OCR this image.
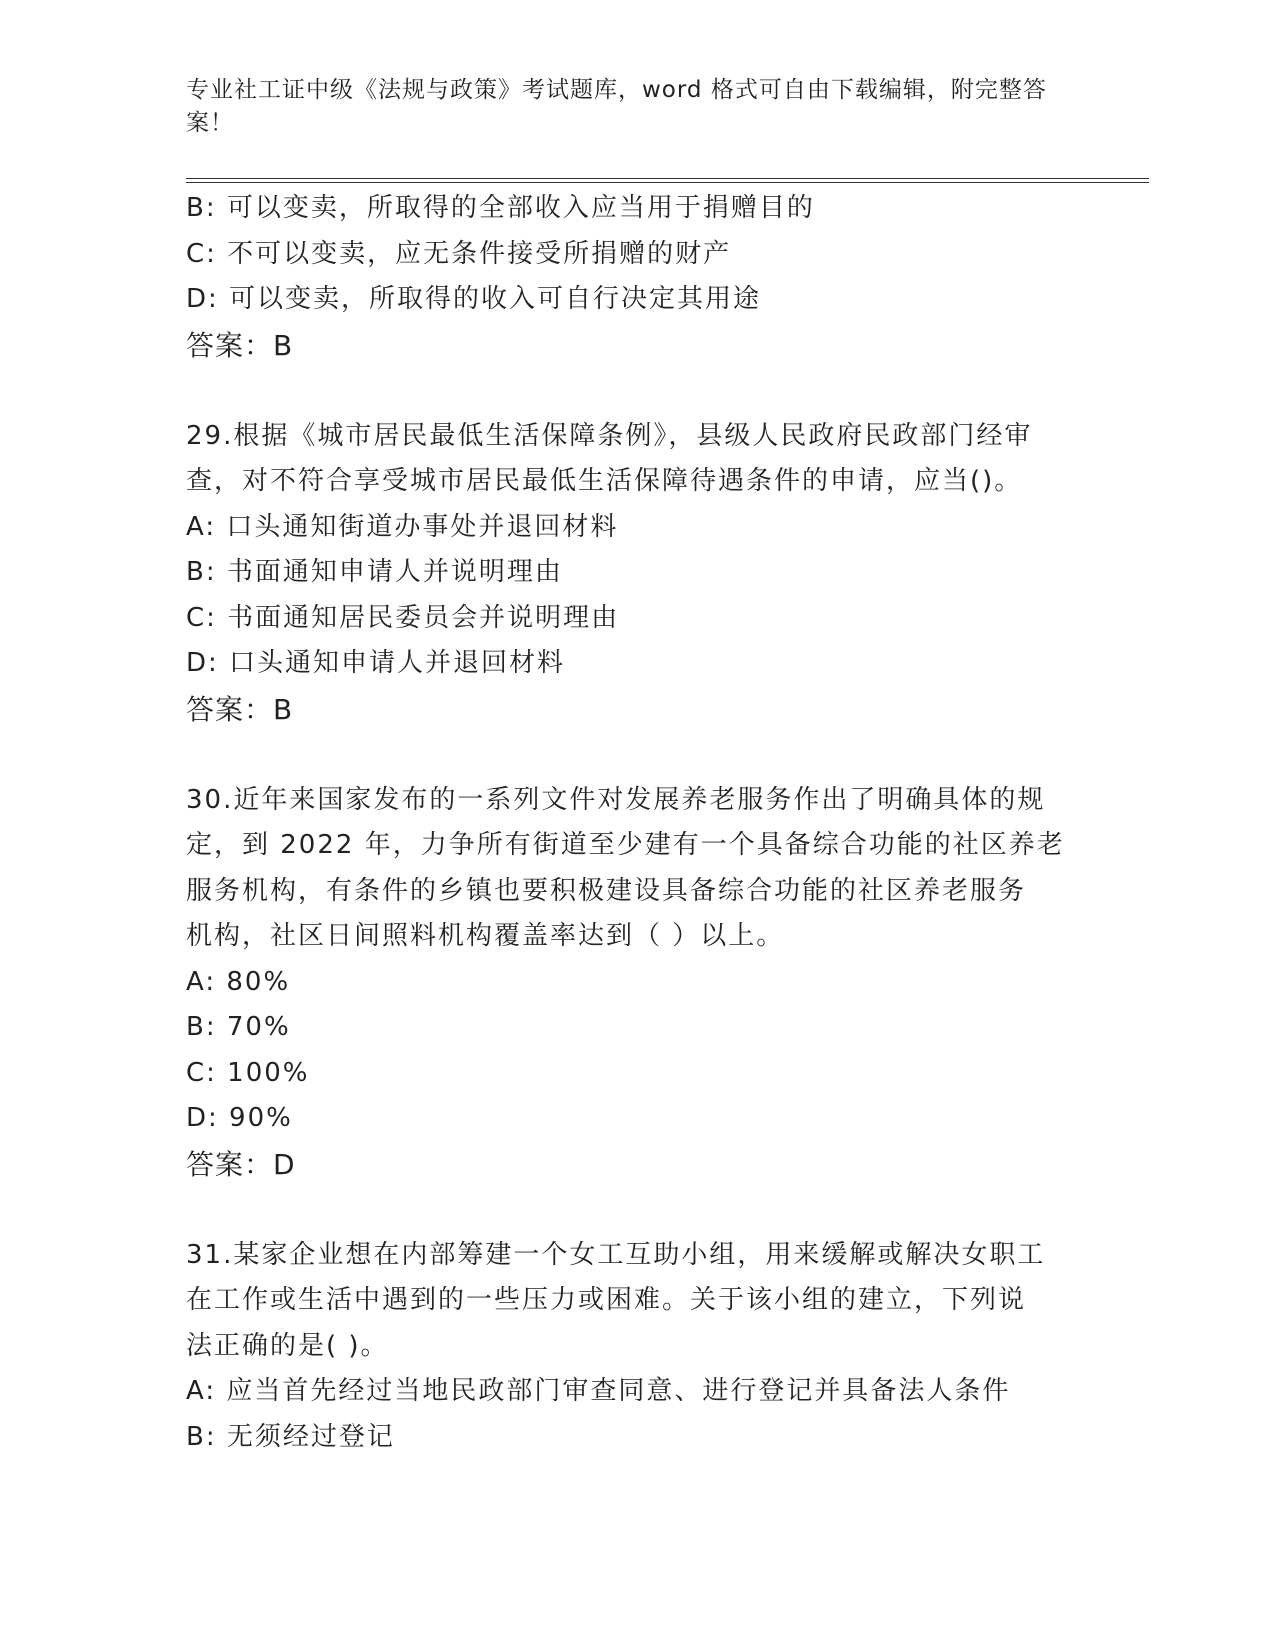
专业社工证中级《法规与政策》考试题库，word 格式可自由下载编辑，附完整答
案！
B: 可以变卖，所取得的全部收入应当用于捐赠目的
C: 不可以变卖，应无条件接受所捐赠的财产
D: 可以变卖，所取得的收入可自行决定其用途
答案：B
29.根据《城市居民最低生活保障条例》，县级人民政府民政部门经审
查，对不符合享受城市居民最低生活保障待遇条件的申请，应当()。
A: 口头通知街道办事处并退回材料
B: 书面通知申请人并说明理由
C: 书面通知居民委员会并说明理由
D: 口头通知申请人并退回材料
答案：B
30.近年来国家发布的一系列文件对发展养老服务作出了明确具体的规
定，到 2022 年，力争所有街道至少建有一个具备综合功能的社区养老
服务机构，有条件的乡镇也要积极建设具备综合功能的社区养老服务
机构，社区日间照料机构覆盖率达到（ ）以上。
A: 80%
B: 70%
C: 100%
D: 90%
答案：D
31.某家企业想在内部筹建一个女工互助小组，用来缓解或解决女职工
在工作或生活中遇到的一些压力或困难。关于该小组的建立，下列说
法正确的是( )。
A: 应当首先经过当地民政部门审查同意、进行登记并具备法人条件
B: 无须经过登记
